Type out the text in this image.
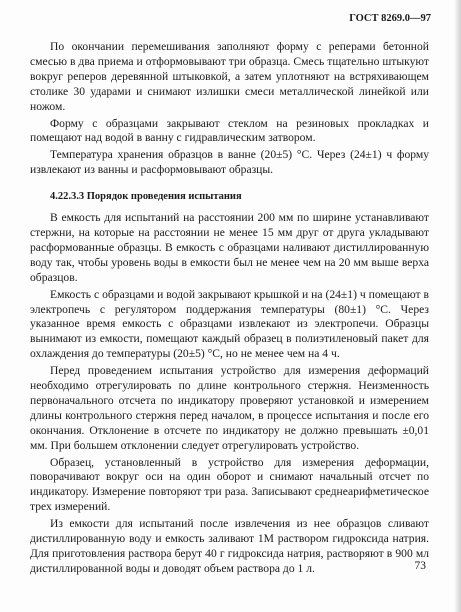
ГОСТ 8269.0—97

По окончании перемешивания заполняют форму с реперами бетонной смесью в два приема и отформовывают три образца. Смесь тщательно штыкуют вокруг реперов деревянной штыковкой, а затем уплотняют на встряхивающем столике 30 ударами и снимают излишки смеси металлической линейкой или ножом.

Форму с образцами закрывают стеклом на резиновых прокладках и помещают над водой в ванну с гидравлическим затвором.

Температура хранения образцов в ванне (20±5) °С. Через (24±1) ч форму извлекают из ванны и расформовывают образцы.

4.22.3.3 Порядок проведения испытания

В емкость для испытаний на расстоянии 200 мм по ширине устанавливают стержни, на которые на расстоянии не менее 15 мм друг от друга укладывают расформованные образцы. В емкость с образцами наливают дистиллированную воду так, чтобы уровень воды в емкости был не менее чем на 20 мм выше верха образцов.

Емкость с образцами и водой закрывают крышкой и на (24±1) ч помещают в электропечь с регулятором поддержания температуры (80±1) °С. Через указанное время емкость с образцами извлекают из электропечи. Образцы вынимают из емкости, помещают каждый образец в полиэтиленовый пакет для охлаждения до температуры (20±5) °С, но не менее чем на 4 ч.

Перед проведением испытания устройство для измерения деформаций необходимо отрегулировать по длине контрольного стержня. Неизменность первоначального отсчета по индикатору проверяют установкой и измерением длины контрольного стержня перед началом, в процессе испытания и после его окончания. Отклонение в отсчете по индикатору не должно превышать ±0,01 мм. При большем отклонении следует отрегулировать устройство.

Образец, установленный в устройство для измерения деформации, поворачивают вокруг оси на один оборот и снимают начальный отсчет по индикатору. Измерение повторяют три раза. Записывают среднеарифметическое трех измерений.

Из емкости для испытаний после извлечения из нее образцов сливают дистиллированную воду и емкость заливают 1М раствором гидроксида натрия. Для приготовления раствора берут 40 г гидроксида натрия, растворяют в 900 мл дистиллированной воды и доводят объем раствора до 1 л.	73
